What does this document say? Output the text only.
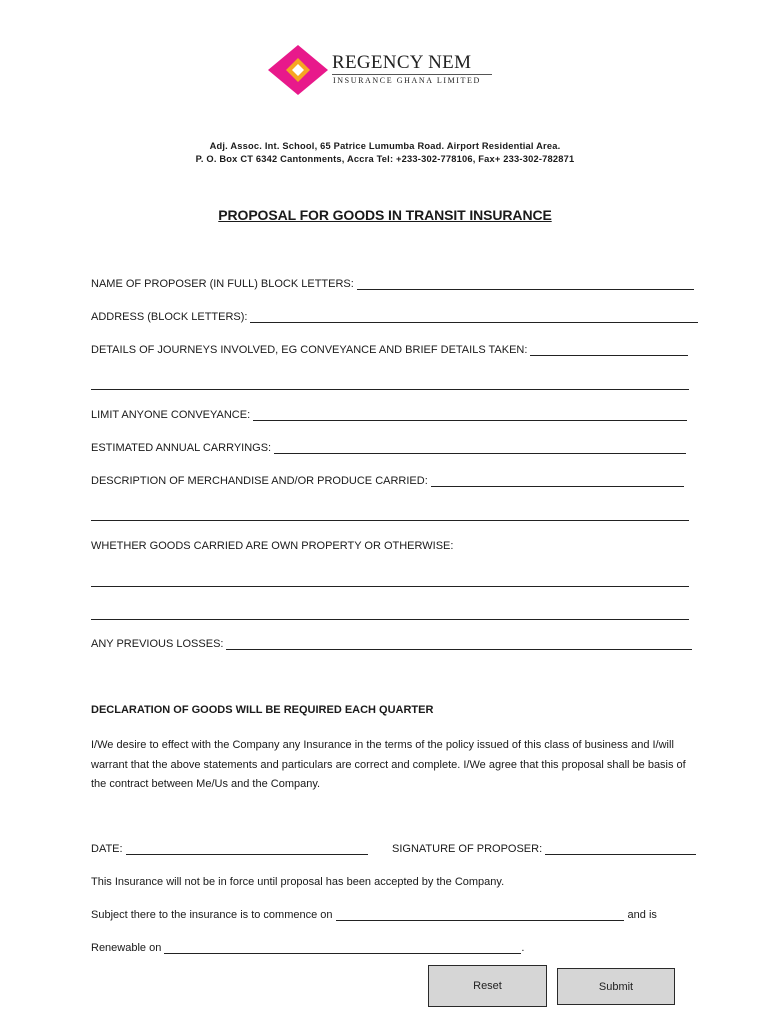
REGENCY NEM
INSURANCE GHANA LIMITED
Adj. Assoc. Int. School, 65 Patrice Lumumba Road. Airport Residential Area.
P. O. Box CT 6342 Cantonments, Accra Tel: +233-302-778106, Fax+ 233-302-782871
PROPOSAL FOR GOODS IN TRANSIT INSURANCE
NAME OF PROPOSER (IN FULL) BLOCK LETTERS:
ADDRESS (BLOCK LETTERS):
DETAILS OF JOURNEYS INVOLVED, EG CONVEYANCE AND BRIEF DETAILS TAKEN:
LIMIT ANYONE CONVEYANCE:
ESTIMATED ANNUAL CARRYINGS:
DESCRIPTION OF MERCHANDISE AND/OR PRODUCE CARRIED:
WHETHER GOODS CARRIED ARE OWN PROPERTY OR OTHERWISE:
ANY PREVIOUS LOSSES:
DECLARATION OF GOODS WILL BE REQUIRED EACH QUARTER
I/We desire to effect with the Company any Insurance in the terms of the policy issued of this class of business and I/will warrant that the above statements and particulars are correct and complete. I/We agree that this proposal shall be basis of the contract between Me/Us and the Company.
DATE:	SIGNATURE OF PROPOSER:
This Insurance will not be in force until proposal has been accepted by the Company.
Subject there to the insurance is to commence on	and is
Renewable on	.
Reset	Submit
